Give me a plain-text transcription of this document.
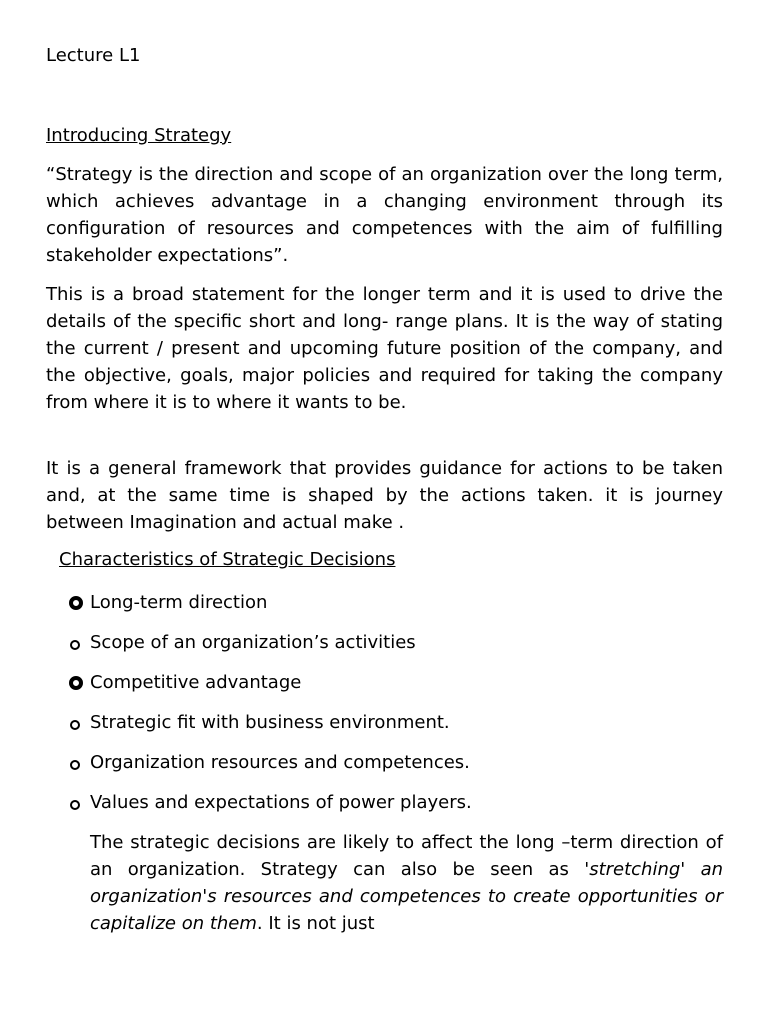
Lecture L1
Introducing Strategy

“Strategy is the direction and scope of an organization over the long term, which achieves advantage in a changing environment through its configuration of resources and competences with the aim of fulfilling stakeholder expectations”.

This is a broad statement for the longer term and it is used to drive the details of the specific short and long- range plans. It is the way of stating the current / present and upcoming future position of the company, and the objective, goals, major policies and required for taking the company from where it is to where it wants to be.

It is a general framework that provides guidance for actions to be taken and, at the same time is shaped by the actions taken. it is journey between Imagination and actual make .

Characteristics of Strategic Decisions
Long-term direction
Scope of an organization’s activities
Competitive advantage
Strategic fit with business environment.
Organization resources and competences.
Values and expectations of power players.

The strategic decisions are likely to affect the long –term direction of an organization. Strategy can also be seen as 'stretching' an organization's resources and competences to create opportunities or capitalize on them. It is not just
